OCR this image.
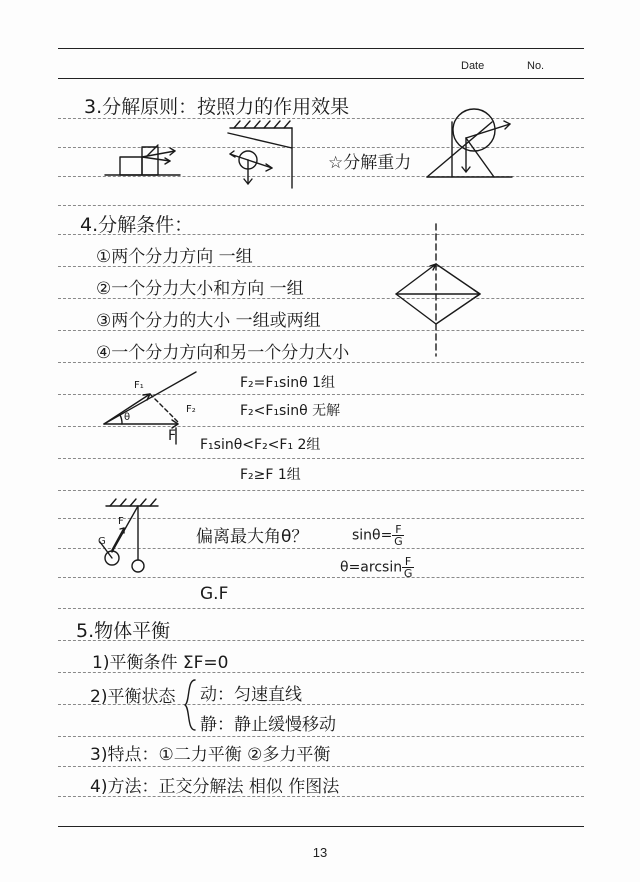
Date	No.
3.分解原则：按照力的作用效果
☆分解重力
4.分解条件：
①两个分力方向 一组
②一个分力大小和方向 一组
③两个分力的大小 一组或两组
④一个分力方向和另一个分力大小
F₁
F₂
θ
F
F₂=F₁sinθ 1组
F₂<F₁sinθ 无解
F₁sinθ<F₂<F₁ 2组
F₂≥F 1组
G
F
偏离最大角θ？	$\sin\theta= \frac{F}{G}$
$\theta=\arcsin \frac{F}{G}$
G.F
5.物体平衡
1)平衡条件 ΣF=0
2)平衡状态 动：匀速直线
静：静止缓慢移动
3)特点：①二力平衡 ②多力平衡
4)方法：正交分解法 相似 作图法
13
